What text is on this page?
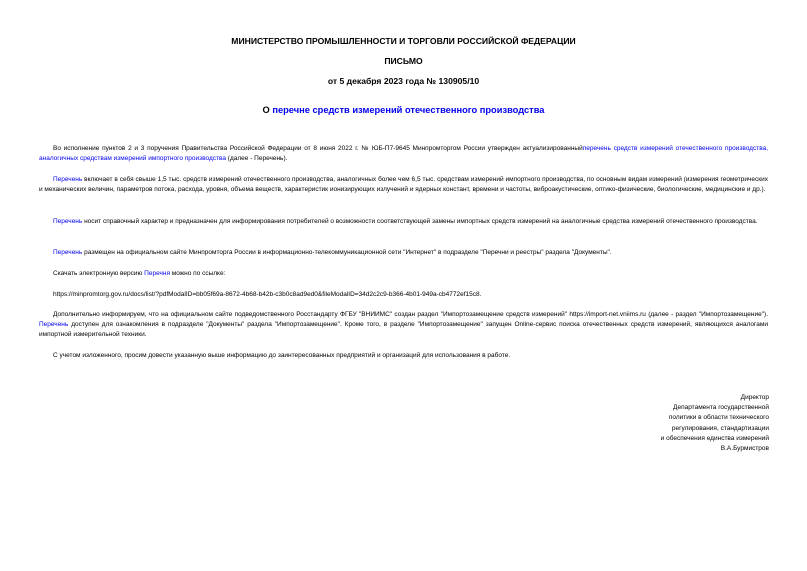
МИНИСТЕРСТВО ПРОМЫШЛЕННОСТИ И ТОРГОВЛИ РОССИЙСКОЙ ФЕДЕРАЦИИ
ПИСЬМО
от 5 декабря 2023 года № 130905/10
О перечне средств измерений отечественного производства
Во исполнение пунктов 2 и 3 поручения Правительства Российской Федерации от 8 июня 2022 г. № ЮБ-П7-9645 Минпромторгом России утвержден актуализированныйперечень средств измерений отечественного производства, аналогичных средствам измерений импортного производства (далее - Перечень).
Перечень включает в себя свыше 1,5 тыс. средств измерений отечественного производства, аналогичных более чем 6,5 тыс. средствам измерений импортного производства, по основным видам измерений (измерения геометрических и механических величин, параметров потока, расхода, уровня, объема веществ, характеристик ионизирующих излучений и ядерных констант, времени и частоты, виброакустические, оптико-физические, биологические, медицинские и др.).
Перечень носит справочный характер и предназначен для информирования потребителей о возможности соответствующей замены импортных средств измерений на аналогичные средства измерений отечественного производства.
Перечень размещен на официальном сайте Минпромторга России в информационно-телекоммуникационной сети "Интернет" в подразделе "Перечни и реестры" раздела "Документы".
Скачать электронную версию Перечня можно по ссылке:
https://minpromtorg.gov.ru/docs/list/?pdfModalID=bb05f69a-8672-4b68-b42b-c3b0c8ad9ed0&fileModalID=34d2c2c9-b366-4b01-949a-cb4772ef15c8.
Дополнительно информируем, что на официальном сайте подведомственного Росстандарту ФГБУ "ВНИИМС" создан раздел "Импортозамещение средств измерений" https://import-net.vniims.ru (далее - раздел "Импортозамещение"). Перечень доступен для ознакомления в подразделе "Документы" раздела "Импортозамещение". Кроме того, в разделе "Импортозамещение" запущен Online-сервис поиска отечественных средств измерений, являющихся аналогами импортной измерительной техники.
С учетом изложенного, просим довести указанную выше информацию до заинтересованных предприятий и организаций для использования в работе.
Директор
Департамента государственной
политики в области технического
регулирования, стандартизации
и обеспечения единства измерений
В.А.Бурмистров
